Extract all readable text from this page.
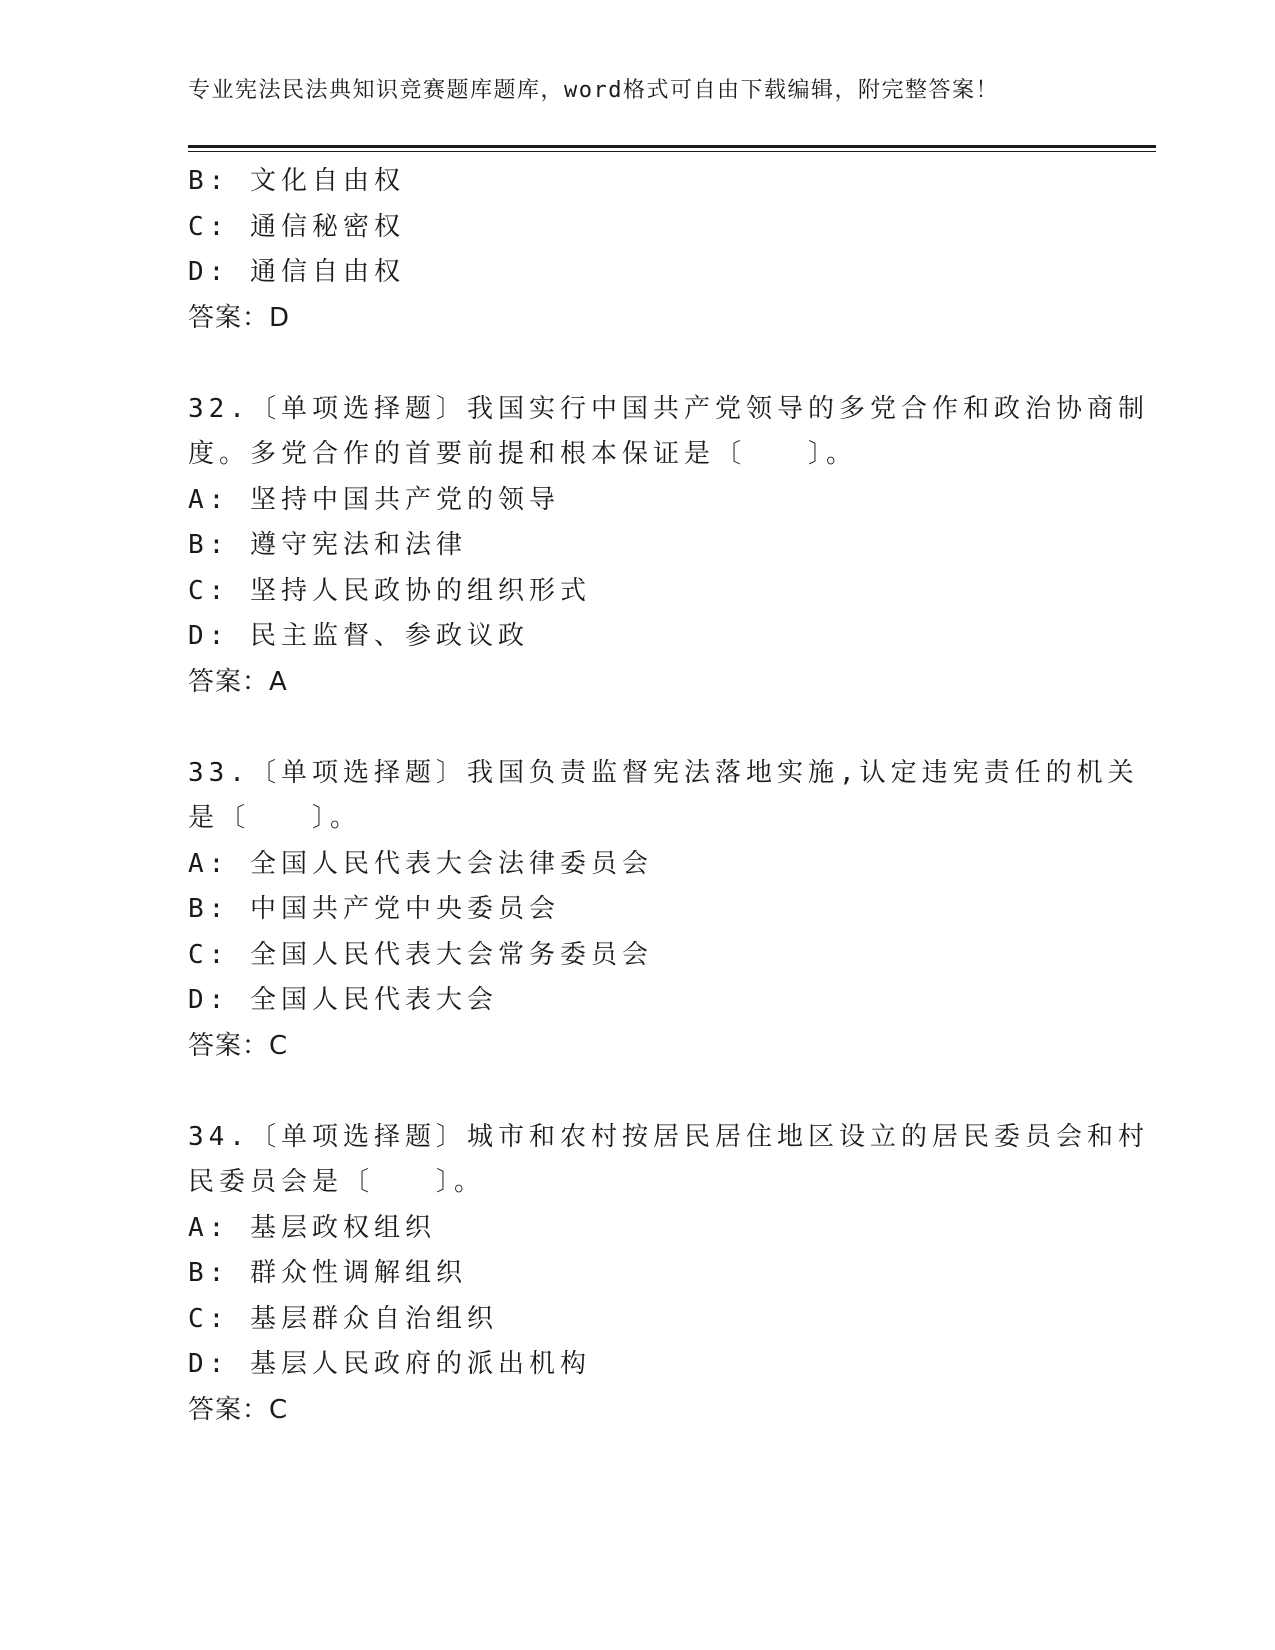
专业宪法民法典知识竞赛题库题库，word格式可自由下载编辑，附完整答案！
B: 文化自由权
C: 通信秘密权
D: 通信自由权
答案：D
32.〔单项选择题〕我国实行中国共产党领导的多党合作和政治协商制
度。多党合作的首要前提和根本保证是〔　　〕。
A: 坚持中国共产党的领导
B: 遵守宪法和法律
C: 坚持人民政协的组织形式
D: 民主监督、参政议政
答案：A
33.〔单项选择题〕我国负责监督宪法落地实施,认定违宪责任的机关
是〔　　〕。
A: 全国人民代表大会法律委员会
B: 中国共产党中央委员会
C: 全国人民代表大会常务委员会
D: 全国人民代表大会
答案：C
34.〔单项选择题〕城市和农村按居民居住地区设立的居民委员会和村
民委员会是〔　　〕。
A: 基层政权组织
B: 群众性调解组织
C: 基层群众自治组织
D: 基层人民政府的派出机构
答案：C
